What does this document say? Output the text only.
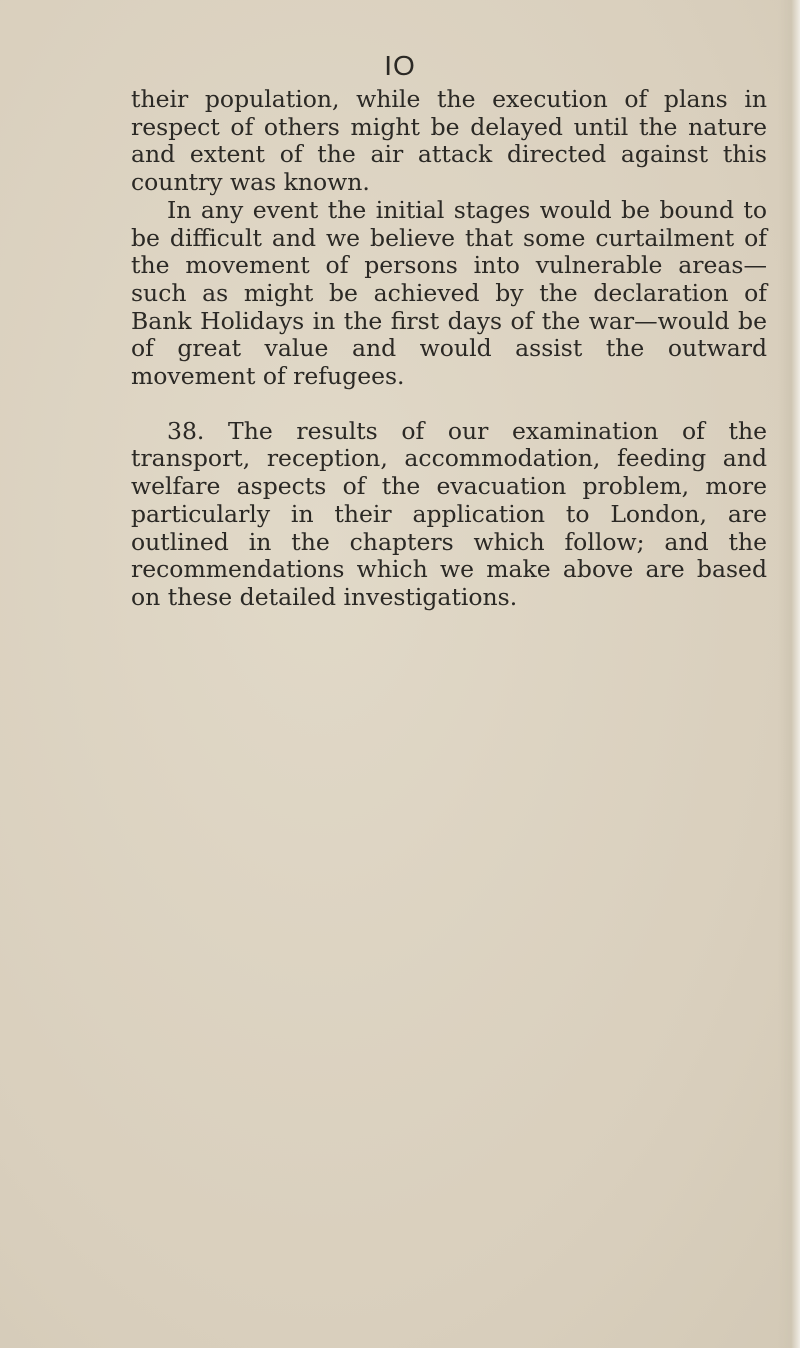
IO

their population, while the execution of plans in respect of others might be delayed until the nature and extent of the air attack directed against this country was known.

In any event the initial stages would be bound to be difficult and we believe that some curtailment of the movement of persons into vulnerable areas—such as might be achieved by the declaration of Bank Holidays in the first days of the war—would be of great value and would assist the outward movement of refugees.

38. The results of our examination of the transport, reception, accommodation, feeding and welfare aspects of the evacuation problem, more particularly in their application to London, are outlined in the chapters which follow; and the recommendations which we make above are based on these detailed investigations.
